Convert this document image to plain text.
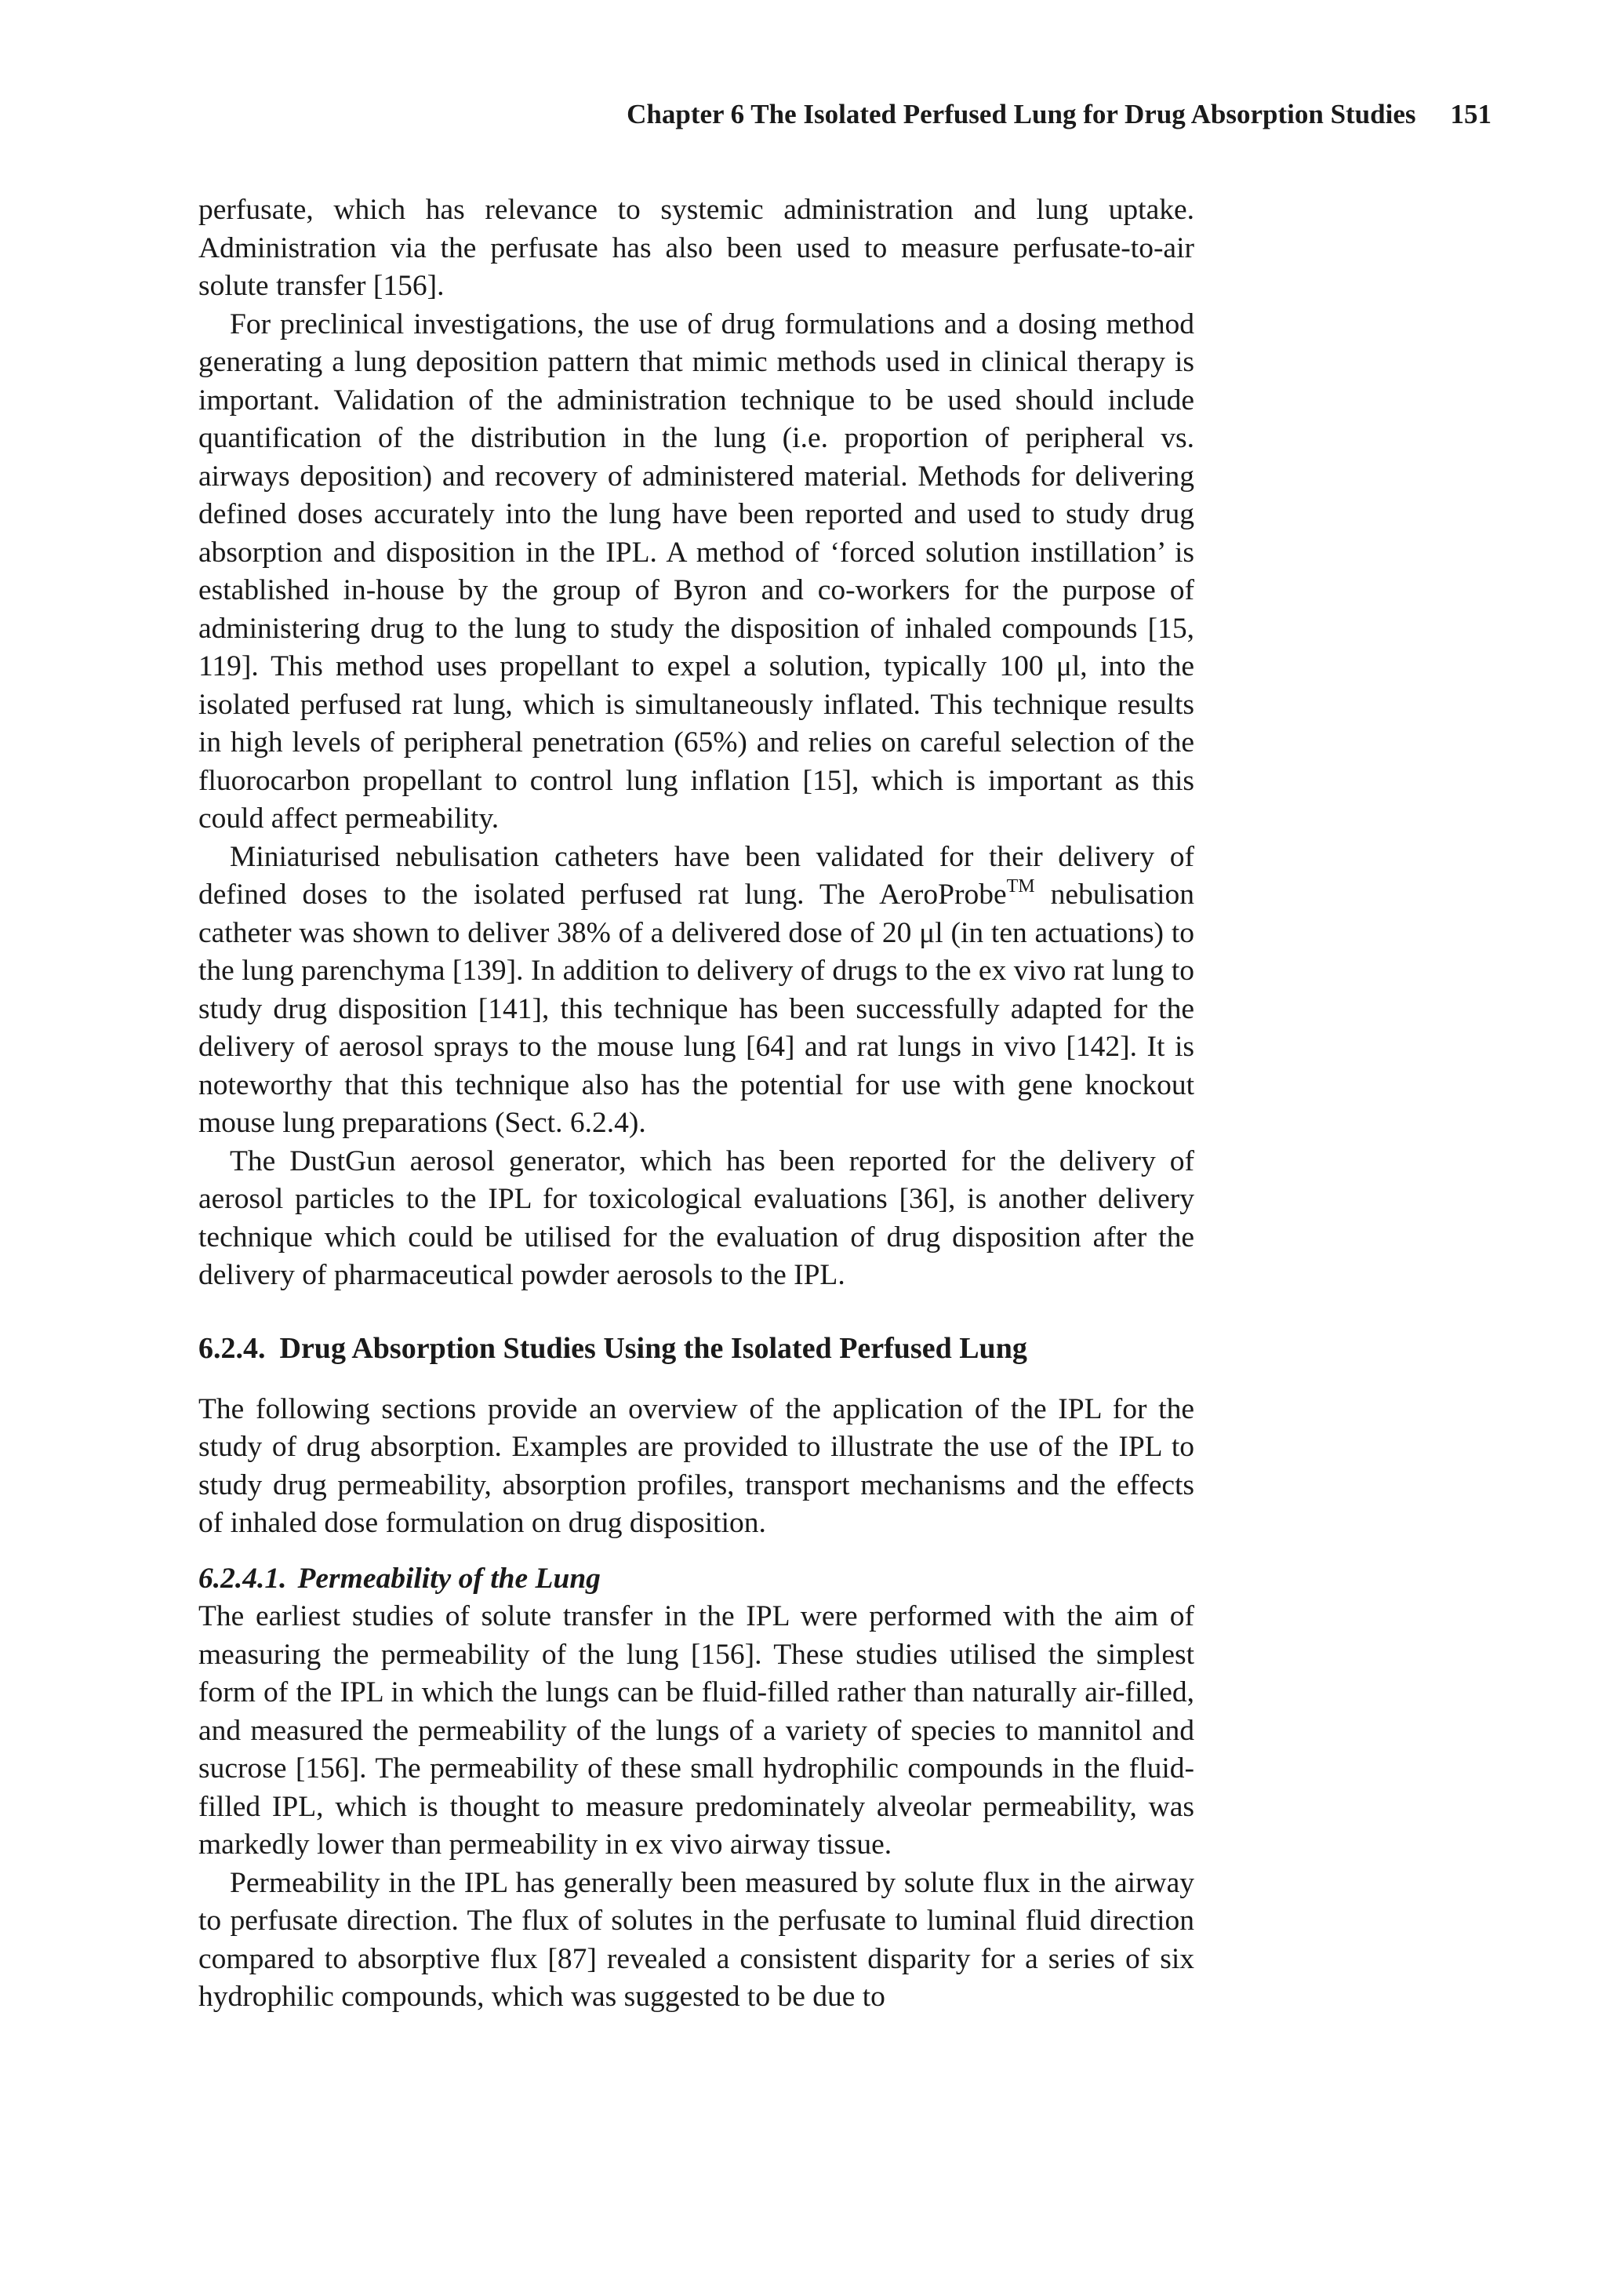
Chapter 6 The Isolated Perfused Lung for Drug Absorption Studies 151

perfusate, which has relevance to systemic administration and lung uptake. Administration via the perfusate has also been used to measure perfusate-to-air solute transfer [156].

For preclinical investigations, the use of drug formulations and a dosing method generating a lung deposition pattern that mimic methods used in clinical therapy is important. Validation of the administration technique to be used should include quantification of the distribution in the lung (i.e. proportion of peripheral vs. airways deposition) and recovery of administered material. Methods for delivering defined doses accurately into the lung have been reported and used to study drug absorption and disposition in the IPL. A method of ‘forced solution instillation’ is established in-house by the group of Byron and co-workers for the purpose of administering drug to the lung to study the disposition of inhaled compounds [15, 119]. This method uses propellant to expel a solution, typically 100 μl, into the isolated perfused rat lung, which is simultaneously inflated. This technique results in high levels of peripheral penetration (65%) and relies on careful selection of the fluorocarbon propellant to control lung inflation [15], which is important as this could affect permeability.

Miniaturised nebulisation catheters have been validated for their delivery of defined doses to the isolated perfused rat lung. The AeroProbe™ nebulisation catheter was shown to deliver 38% of a delivered dose of 20 μl (in ten actuations) to the lung parenchyma [139]. In addition to delivery of drugs to the ex vivo rat lung to study drug disposition [141], this technique has been successfully adapted for the delivery of aerosol sprays to the mouse lung [64] and rat lungs in vivo [142]. It is noteworthy that this technique also has the potential for use with gene knockout mouse lung preparations (Sect. 6.2.4).

The DustGun aerosol generator, which has been reported for the delivery of aerosol particles to the IPL for toxicological evaluations [36], is another delivery technique which could be utilised for the evaluation of drug disposition after the delivery of pharmaceutical powder aerosols to the IPL.

6.2.4. Drug Absorption Studies Using the Isolated Perfused Lung

The following sections provide an overview of the application of the IPL for the study of drug absorption. Examples are provided to illustrate the use of the IPL to study drug permeability, absorption profiles, transport mechanisms and the effects of inhaled dose formulation on drug disposition.

6.2.4.1. Permeability of the Lung

The earliest studies of solute transfer in the IPL were performed with the aim of measuring the permeability of the lung [156]. These studies utilised the simplest form of the IPL in which the lungs can be fluid-filled rather than naturally air-filled, and measured the permeability of the lungs of a variety of species to mannitol and sucrose [156]. The permeability of these small hydrophilic compounds in the fluid-filled IPL, which is thought to measure predominately alveolar permeability, was markedly lower than permeability in ex vivo airway tissue.

Permeability in the IPL has generally been measured by solute flux in the airway to perfusate direction. The flux of solutes in the perfusate to luminal fluid direction compared to absorptive flux [87] revealed a consistent disparity for a series of six hydrophilic compounds, which was suggested to be due to
